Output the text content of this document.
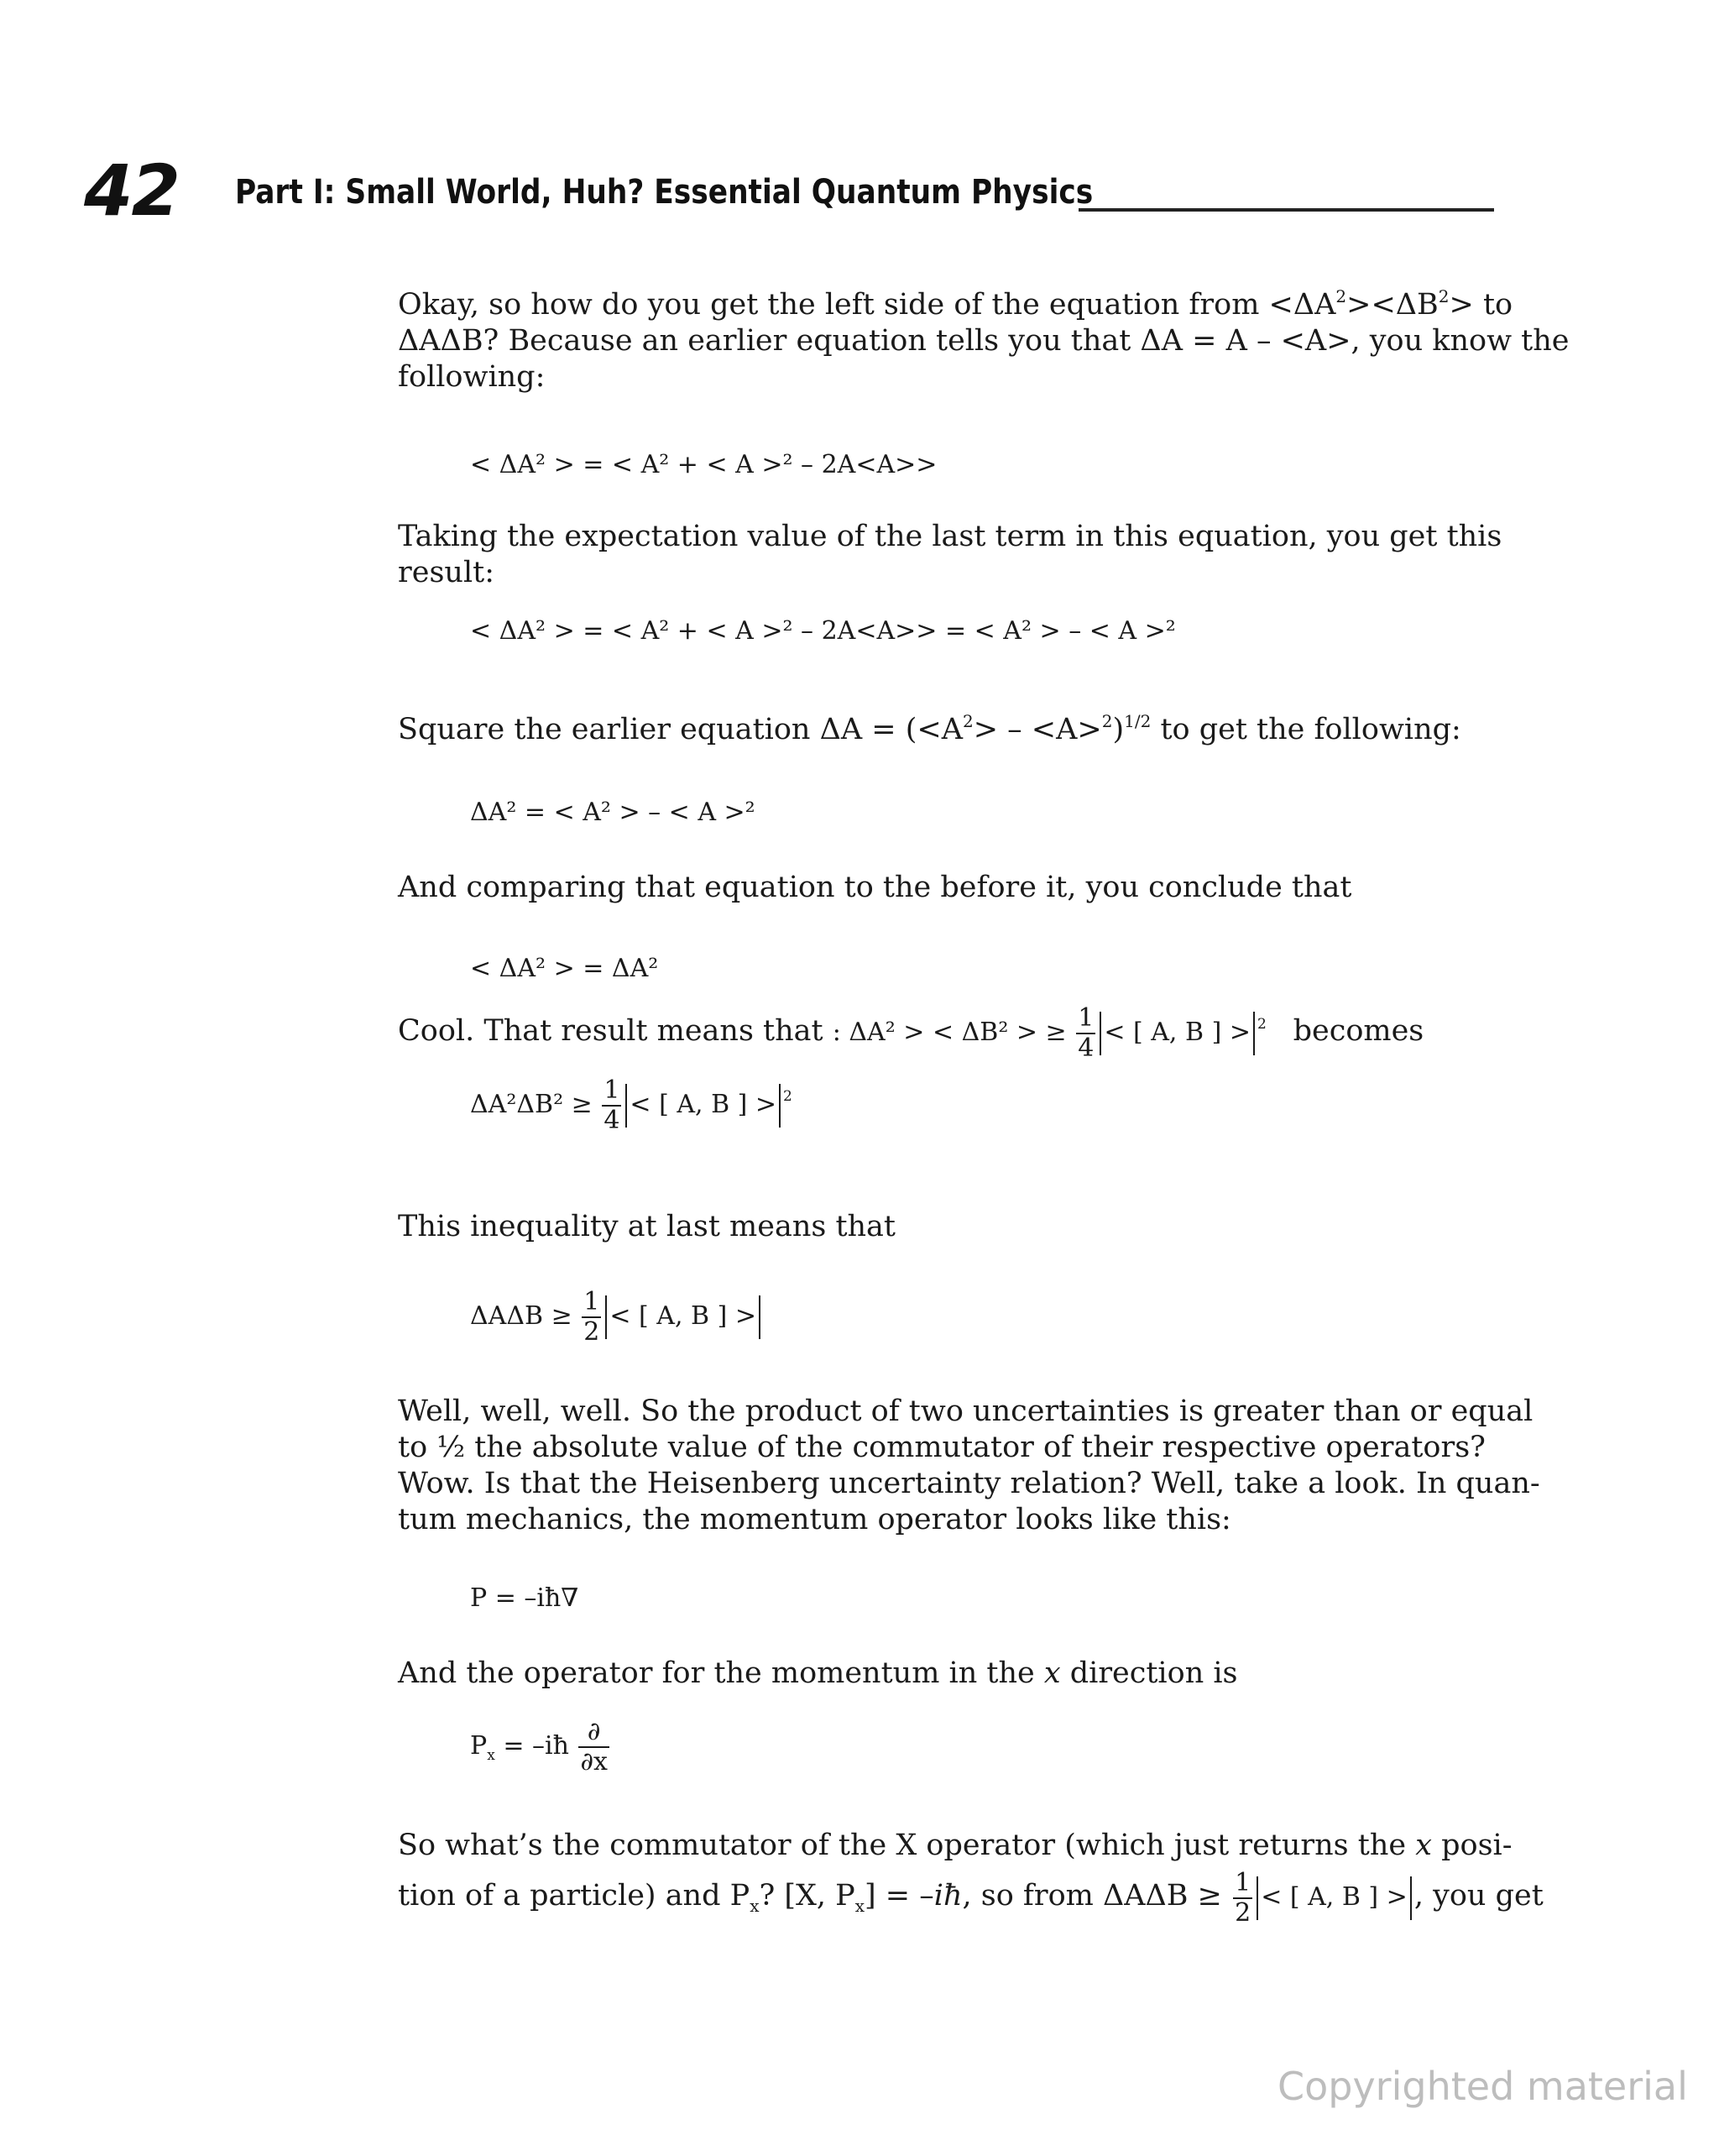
42 Part I: Small World, Huh? Essential Quantum Physics
Okay, so how do you get the left side of the equation from $<\Delta A^2><\Delta B^2>$ to
ΔAΔB? Because an earlier equation tells you that ΔA = A – <A>, you know the
following:
< ΔA² > = < A² + < A >² – 2A<A>>
Taking the expectation value of the last term in this equation, you get this
result:
< ΔA² > = < A² + < A >² – 2A<A>> = < A² > – < A >²
Square the earlier equation $\Delta A = (<A^2> - <A>^2)^{1/2}$ to get the following:
ΔA² = < A² > – < A >²
And comparing that equation to the before it, you conclude that
< ΔA² > = ΔA²
Cool. That result means that : ΔA² > < ΔB² > ≥ $\frac{1}{4}$ < [ A, B ] > $^2$ becomes
$\Delta A^2\Delta B^2 \ge \frac{1}{4}$ < [ A, B ] > $^2$
This inequality at last means that
$\Delta A\Delta B \ge \frac{1}{2}$ < [ A, B ] >
Well, well, well. So the product of two uncertainties is greater than or equal
to ½ the absolute value of the commutator of their respective operators?
Wow. Is that the Heisenberg uncertainty relation? Well, take a look. In quan-
tum mechanics, the momentum operator looks like this:
P = –iħ∇
And the operator for the momentum in the x direction is
$P_x$ = –iħ $\frac{\partial}{\partial x}$
So what’s the commutator of the X operator (which just returns the x posi-
tion of a particle) and $P_x$? [X, $P_x$] = –iħ, so from $\Delta A\Delta B \ge \frac{1}{2}$ < [ A, B ] > , you get
Copyrighted material
